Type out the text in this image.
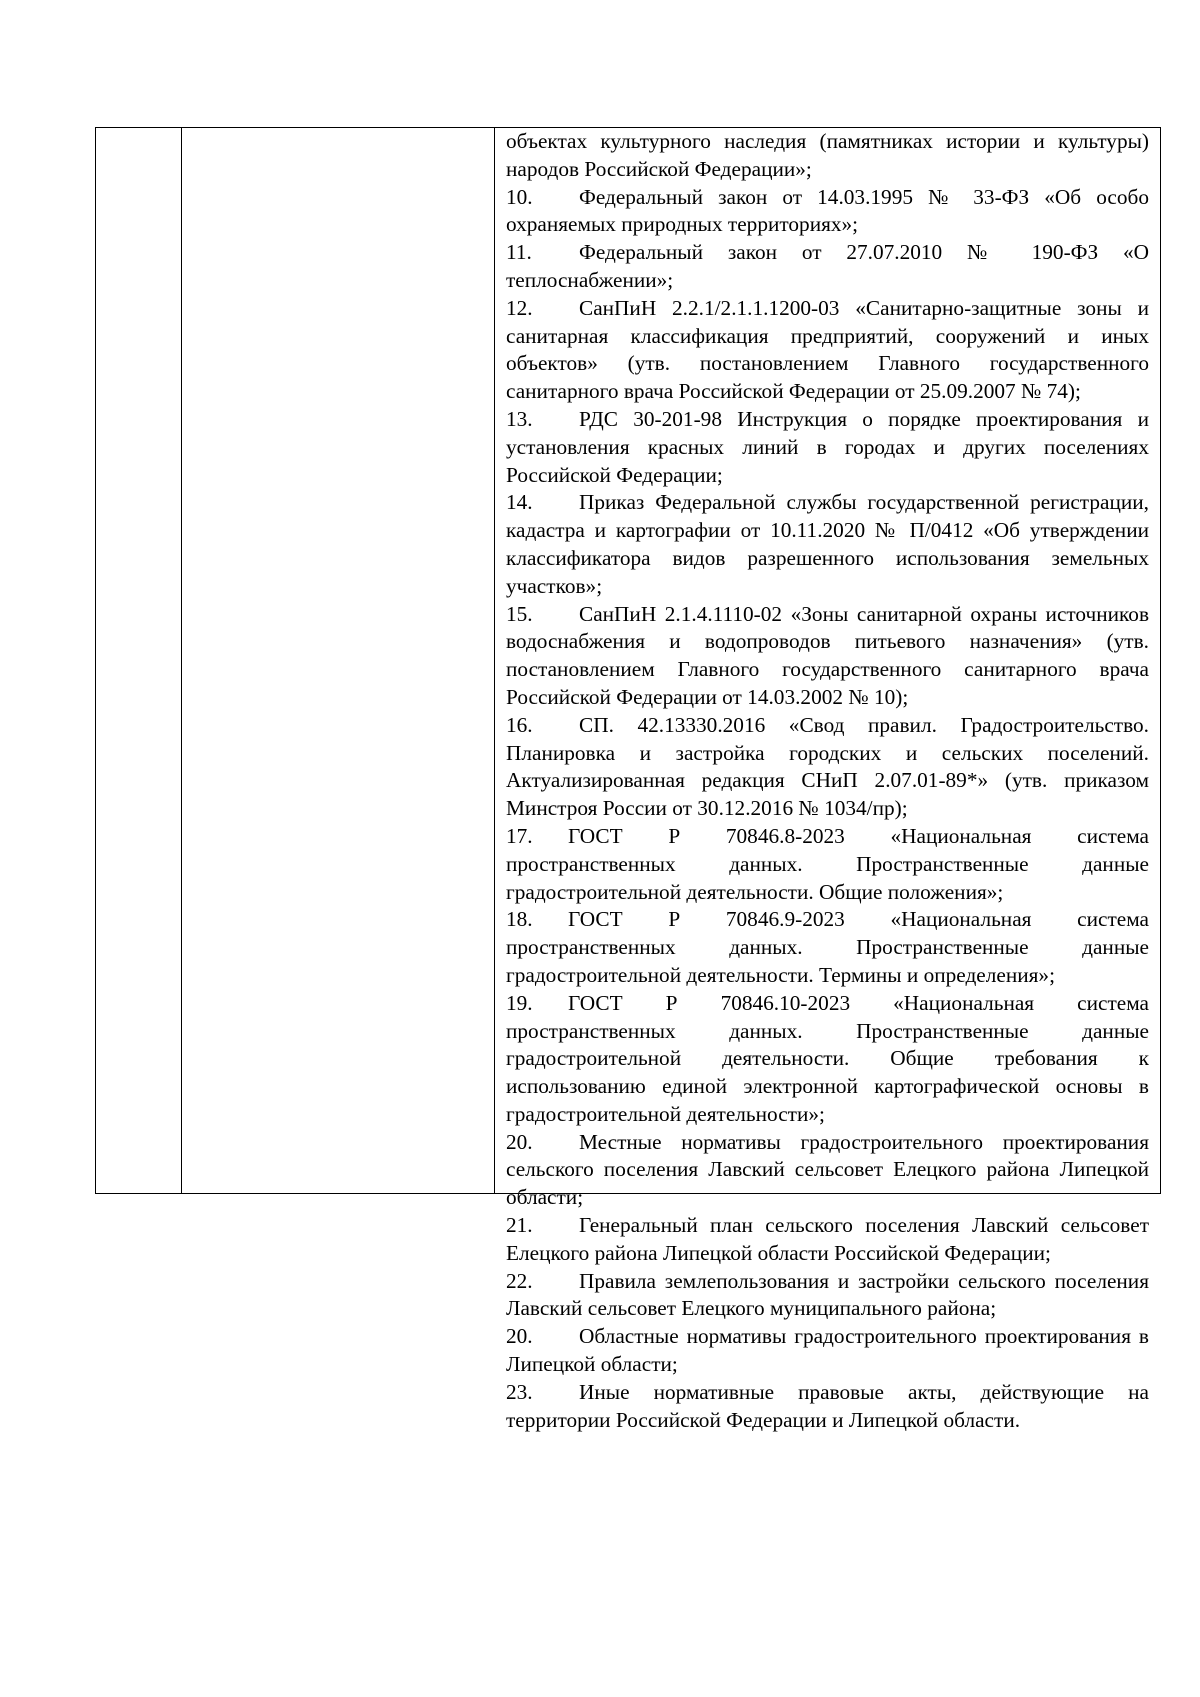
объектах культурного наследия (памятниках истории и культуры) народов Российской Федерации»;

10. Федеральный закон от 14.03.1995 № 33-ФЗ «Об особо охраняемых природных территориях»;

11. Федеральный закон от 27.07.2010 № 190-ФЗ «О теплоснабжении»;

12. СанПиН 2.2.1/2.1.1.1200-03 «Санитарно-защитные зоны и санитарная классификация предприятий, сооружений и иных объектов» (утв. постановлением Главного государственного санитарного врача Российской Федерации от 25.09.2007 № 74);

13. РДС 30-201-98 Инструкция о порядке проектирования и установления красных линий в городах и других поселениях Российской Федерации;

14. Приказ Федеральной службы государственной регистрации, кадастра и картографии от 10.11.2020 № П/0412 «Об утверждении классификатора видов разрешенного использования земельных участков»;

15. СанПиН 2.1.4.1110-02 «Зоны санитарной охраны источников водоснабжения и водопроводов питьевого назначения» (утв. постановлением Главного государственного санитарного врача Российской Федерации от 14.03.2002 № 10);

16. СП. 42.13330.2016 «Свод правил. Градостроительство. Планировка и застройка городских и сельских поселений. Актуализированная редакция СНиП 2.07.01-89*» (утв. приказом Минстроя России от 30.12.2016 № 1034/пр);

17. ГОСТ Р 70846.8-2023 «Национальная система пространственных данных. Пространственные данные градостроительной деятельности. Общие положения»;

18. ГОСТ Р 70846.9-2023 «Национальная система пространственных данных. Пространственные данные градостроительной деятельности. Термины и определения»;

19. ГОСТ Р 70846.10-2023 «Национальная система пространственных данных. Пространственные данные градостроительной деятельности. Общие требования к использованию единой электронной картографической основы в градостроительной деятельности»;

20. Местные нормативы градостроительного проектирования сельского поселения Лавский сельсовет Елецкого района Липецкой области;

21. Генеральный план сельского поселения Лавский сельсовет Елецкого района Липецкой области Российской Федерации;

22. Правила землепользования и застройки сельского поселения Лавский сельсовет Елецкого муниципального района;

20. Областные нормативы градостроительного проектирования в Липецкой области;

23. Иные нормативные правовые акты, действующие на территории Российской Федерации и Липецкой области.
